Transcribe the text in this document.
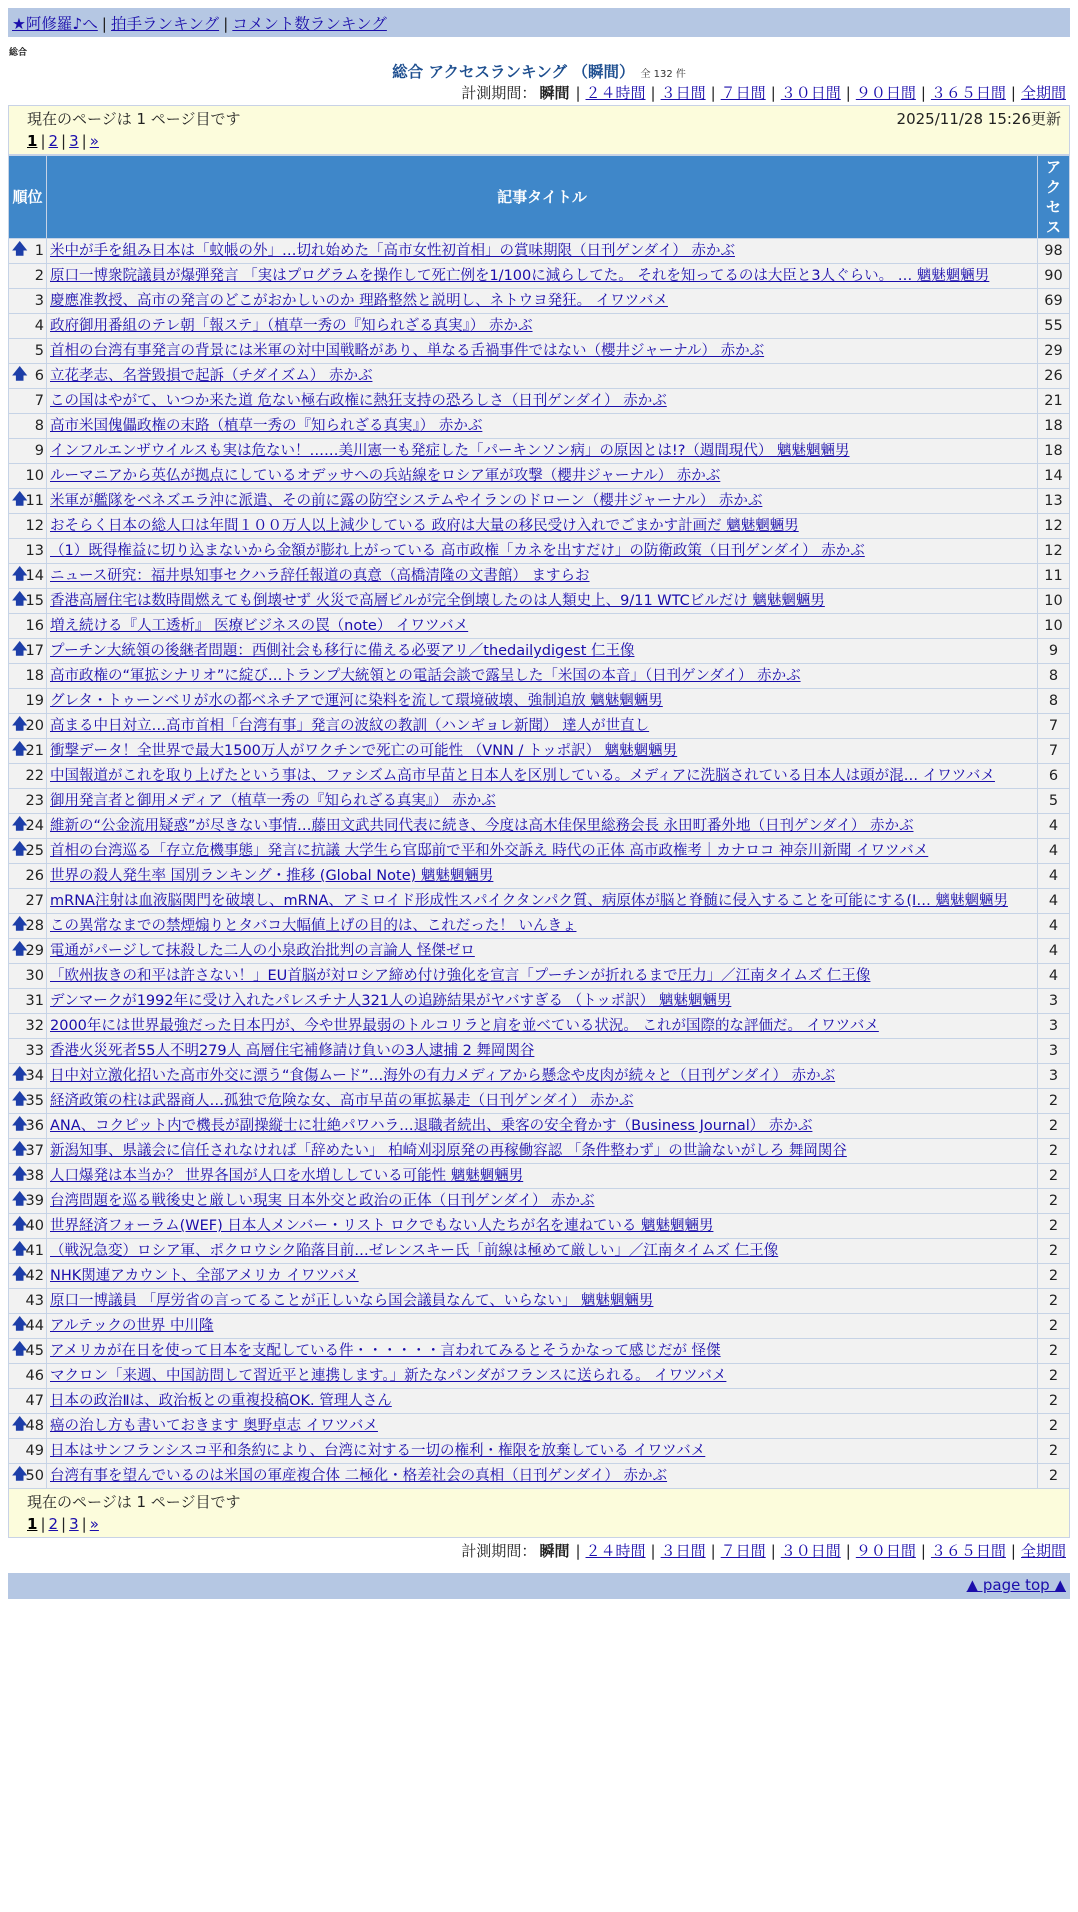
★阿修羅♪へ | 拍手ランキング | コメント数ランキング
総合
総合 アクセスランキング （瞬間） 全 132 件
計測期間： 瞬間 | ２４時間 | ３日間 | ７日間 | ３０日間 | ９０日間 | ３６５日間 | 全期間
現在のページは 1 ページ目です	2025/11/28 15:26更新
1 | 2 | 3 | »
順位	記事タイトル	アクセス

🡅 1	米中が手を組み日本は「蚊帳の外」…切れ始めた「高市女性初首相」の賞味期限（日刊ゲンダイ） 赤かぶ	98
2	原口一博衆院議員が爆弾発言 「実はプログラムを操作して死亡例を1/100に減らしてた。 それを知ってるのは大臣と3人ぐらい。 … 魑魅魍魎男	90
3	慶應准教授、高市の発言のどこがおかしいのか 理路整然と説明し、ネトウヨ発狂。 イワツバメ	69
4	政府御用番組のテレ朝「報ステ」（植草一秀の『知られざる真実』） 赤かぶ	55
5	首相の台湾有事発言の背景には米軍の対中国戦略があり、単なる舌禍事件ではない（櫻井ジャーナル） 赤かぶ	29

🡅 6	立花孝志、名誉毀損で起訴（チダイズム） 赤かぶ	26
7	この国はやがて、いつか来た道 危ない極右政権に熱狂支持の恐ろしさ（日刊ゲンダイ） 赤かぶ	21
8	高市米国傀儡政権の末路（植草一秀の『知られざる真実』） 赤かぶ	18
9	インフルエンザウイルスも実は危ない！……美川憲一も発症した「パーキンソン病」の原因とは!?（週間現代） 魑魅魍魎男	18
10	ルーマニアから英仏が拠点にしているオデッサへの兵站線をロシア軍が攻撃（櫻井ジャーナル） 赤かぶ	14

🡅
11	米軍が艦隊をベネズエラ沖に派遣、その前に露の防空システムやイランのドローン（櫻井ジャーナル） 赤かぶ	13
12	おそらく日本の総人口は年間１００万人以上減少している 政府は大量の移民受け入れでごまかす計画だ 魑魅魍魎男	12
13	（1）既得権益に切り込まないから金額が膨れ上がっている 高市政権「カネを出すだけ」の防衛政策（日刊ゲンダイ） 赤かぶ	12

🡅
14	ニュース研究：福井県知事セクハラ辞任報道の真意（高橋清隆の文書館） ますらお	11

🡅
15	香港高層住宅は数時間燃えても倒壊せず 火災で高層ビルが完全倒壊したのは人類史上、9/11 WTCビルだけ 魑魅魍魎男	10
16	増え続ける『人工透析』 医療ビジネスの罠（note） イワツバメ	10

🡅
17	プーチン大統領の後継者問題：西側社会も移行に備える必要アリ／thedailydigest 仁王像	9
18	高市政権の“軍拡シナリオ”に綻び…トランプ大統領との電話会談で露呈した「米国の本音」（日刊ゲンダイ） 赤かぶ	8
19	グレタ・トゥーンベリが水の都ベネチアで運河に染料を流して環境破壊、強制追放 魑魅魍魎男	8

🡅
20	高まる中日対立…高市首相「台湾有事」発言の波紋の教訓（ハンギョレ新聞） 達人が世直し	7

🡅
21	衝撃データ！全世界で最大1500万人がワクチンで死亡の可能性 （VNN / トッポ訳） 魑魅魍魎男	7
22	中国報道がこれを取り上げたという事は、ファシズム高市早苗と日本人を区別している。メディアに洗脳されている日本人は頭が混… イワツバメ	6
23	御用発言者と御用メディア（植草一秀の『知られざる真実』） 赤かぶ	5

🡅
24	維新の“公金流用疑惑”が尽きない事情…藤田文武共同代表に続き、今度は高木佳保里総務会長 永田町番外地（日刊ゲンダイ） 赤かぶ	4

🡅
25	首相の台湾巡る「存立危機事態」発言に抗議 大学生ら官邸前で平和外交訴え 時代の正体 高市政権考｜カナロコ 神奈川新聞 イワツバメ	4
26	世界の殺人発生率 国別ランキング・推移 (Global Note) 魑魅魍魎男	4
27	mRNA注射は血液脳関門を破壊し、mRNA、アミロイド形成性スパイクタンパク質、病原体が脳と脊髄に侵入することを可能にする(I… 魑魅魍魎男	4

🡅
28	この異常なまでの禁煙煽りとタバコ大幅値上げの目的は、これだった！ いんきょ	4

🡅
29	電通がパージして抹殺した二人の小泉政治批判の言論人 怪傑ゼロ	4
30	「欧州抜きの和平は許さない！」EU首脳が対ロシア締め付け強化を宣言「プーチンが折れるまで圧力」／江南タイムズ 仁王像	4
31	デンマークが1992年に受け入れたパレスチナ人321人の追跡結果がヤバすぎる （トッポ訳） 魑魅魍魎男	3
32	2000年には世界最強だった日本円が、今や世界最弱のトルコリラと肩を並べている状況。 これが国際的な評価だ。 イワツバメ	3
33	香港火災死者55人不明279人 高層住宅補修請け負いの3人逮捕 2 舞岡関谷	3

🡅
34	日中対立激化招いた高市外交に漂う“食傷ムード”…海外の有力メディアから懸念や皮肉が続々と（日刊ゲンダイ） 赤かぶ	3

🡅
35	経済政策の柱は武器商人…孤独で危険な女、高市早苗の軍拡暴走（日刊ゲンダイ） 赤かぶ	2

🡅
36	ANA、コクピット内で機長が副操縦士に壮絶パワハラ…退職者続出、乗客の安全脅かす（Business Journal） 赤かぶ	2

🡅
37	新潟知事、県議会に信任されなければ「辞めたい」 柏崎刈羽原発の再稼働容認 「条件整わず」の世論ないがしろ 舞岡関谷	2

🡅
38	人口爆発は本当か？ 世界各国が人口を水増ししている可能性 魑魅魍魎男	2

🡅
39	台湾問題を巡る戦後史と厳しい現実 日本外交と政治の正体（日刊ゲンダイ） 赤かぶ	2

🡅
40	世界経済フォーラム(WEF) 日本人メンバー・リスト ロクでもない人たちが名を連ねている 魑魅魍魎男	2

🡅
41	（戦況急変）ロシア軍、ポクロウシク陥落目前…ゼレンスキー氏「前線は極めて厳しい」／江南タイムズ 仁王像	2

🡅
42	NHK関連アカウント、全部アメリカ イワツバメ	2
43	原口一博議員 「厚労省の言ってることが正しいなら国会議員なんて、いらない」 魑魅魍魎男	2

🡅
44	アルテックの世界 中川隆	2

🡅
45	アメリカが在日を使って日本を支配している件・・・・・・言われてみるとそうかなって感じだが 怪傑	2
46	マクロン「来週、中国訪問して習近平と連携します。」新たなパンダがフランスに送られる。 イワツバメ	2
47	日本の政治Ⅱは、政治板との重複投稿OK. 管理人さん	2

🡅
48	癌の治し方も書いておきます 奥野卓志 イワツバメ	2
49	日本はサンフランシスコ平和条約により、台湾に対する一切の権利・権限を放棄している イワツバメ	2

🡅
50	台湾有事を望んでいるのは米国の軍産複合体 二極化・格差社会の真相（日刊ゲンダイ） 赤かぶ	2
現在のページは 1 ページ目です
1 | 2 | 3 | »
計測期間： 瞬間 | ２４時間 | ３日間 | ７日間 | ３０日間 | ９０日間 | ３６５日間 | 全期間
▲ page top ▲
